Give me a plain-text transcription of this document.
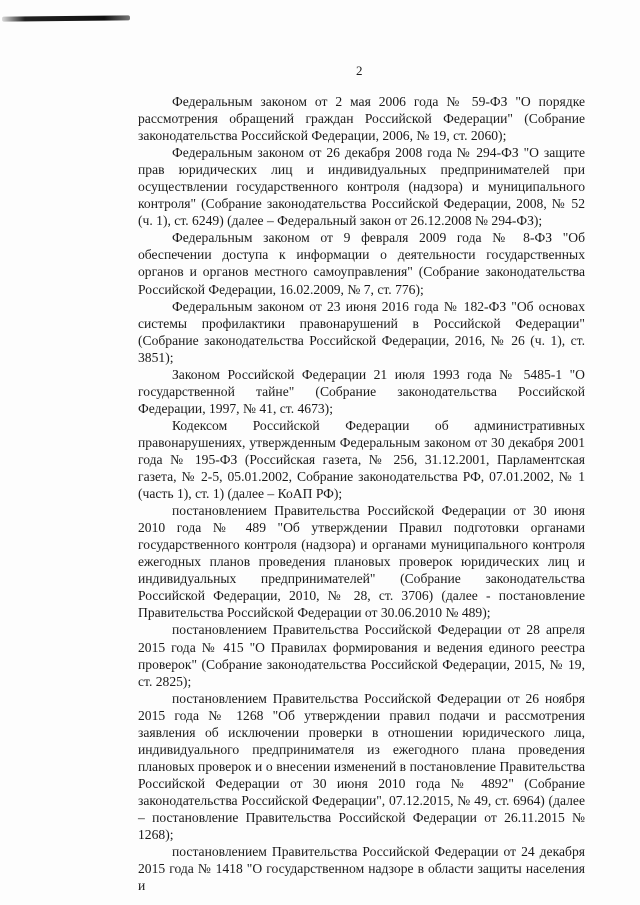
2

Федеральным законом от 2 мая 2006 года № 59-ФЗ "О порядке рассмотрения обращений граждан Российской Федерации" (Собрание законодательства Российской Федерации, 2006, № 19, ст. 2060);

Федеральным законом от 26 декабря 2008 года № 294-ФЗ "О защите прав юридических лиц и индивидуальных предпринимателей при осуществлении государственного контроля (надзора) и муниципального контроля" (Собрание законодательства Российской Федерации, 2008, № 52 (ч. 1), ст. 6249) (далее – Федеральный закон от 26.12.2008 № 294-ФЗ);

Федеральным законом от 9 февраля 2009 года № 8-ФЗ "Об обеспечении доступа к информации о деятельности государственных органов и органов местного самоуправления" (Собрание законодательства Российской Федерации, 16.02.2009, № 7, ст. 776);

Федеральным законом от 23 июня 2016 года № 182-ФЗ "Об основах системы профилактики правонарушений в Российской Федерации" (Собрание законодательства Российской Федерации, 2016, № 26 (ч. 1), ст. 3851);

Законом Российской Федерации 21 июля 1993 года № 5485-1 "О государственной тайне" (Собрание законодательства Российской Федерации, 1997, № 41, ст. 4673);

Кодексом Российской Федерации об административных правонарушениях, утвержденным Федеральным законом от 30 декабря 2001 года № 195-ФЗ (Российская газета, № 256, 31.12.2001, Парламентская газета, № 2-5, 05.01.2002, Собрание законодательства РФ, 07.01.2002, № 1 (часть 1), ст. 1) (далее – КоАП РФ);

постановлением Правительства Российской Федерации от 30 июня 2010 года № 489 "Об утверждении Правил подготовки органами государственного контроля (надзора) и органами муниципального контроля ежегодных планов проведения плановых проверок юридических лиц и индивидуальных предпринимателей" (Собрание законодательства Российской Федерации, 2010, № 28, ст. 3706) (далее - постановление Правительства Российской Федерации от 30.06.2010 № 489);

постановлением Правительства Российской Федерации от 28 апреля 2015 года № 415 "О Правилах формирования и ведения единого реестра проверок" (Собрание законодательства Российской Федерации, 2015, № 19, ст. 2825);

постановлением Правительства Российской Федерации от 26 ноября 2015 года № 1268 "Об утверждении правил подачи и рассмотрения заявления об исключении проверки в отношении юридического лица, индивидуального предпринимателя из ежегодного плана проведения плановых проверок и о внесении изменений в постановление Правительства Российской Федерации от 30 июня 2010 года № 4892" (Собрание законодательства Российской Федерации", 07.12.2015, № 49, ст. 6964) (далее – постановление Правительства Российской Федерации от 26.11.2015 № 1268);

постановлением Правительства Российской Федерации от 24 декабря 2015 года № 1418 "О государственном надзоре в области защиты населения и
